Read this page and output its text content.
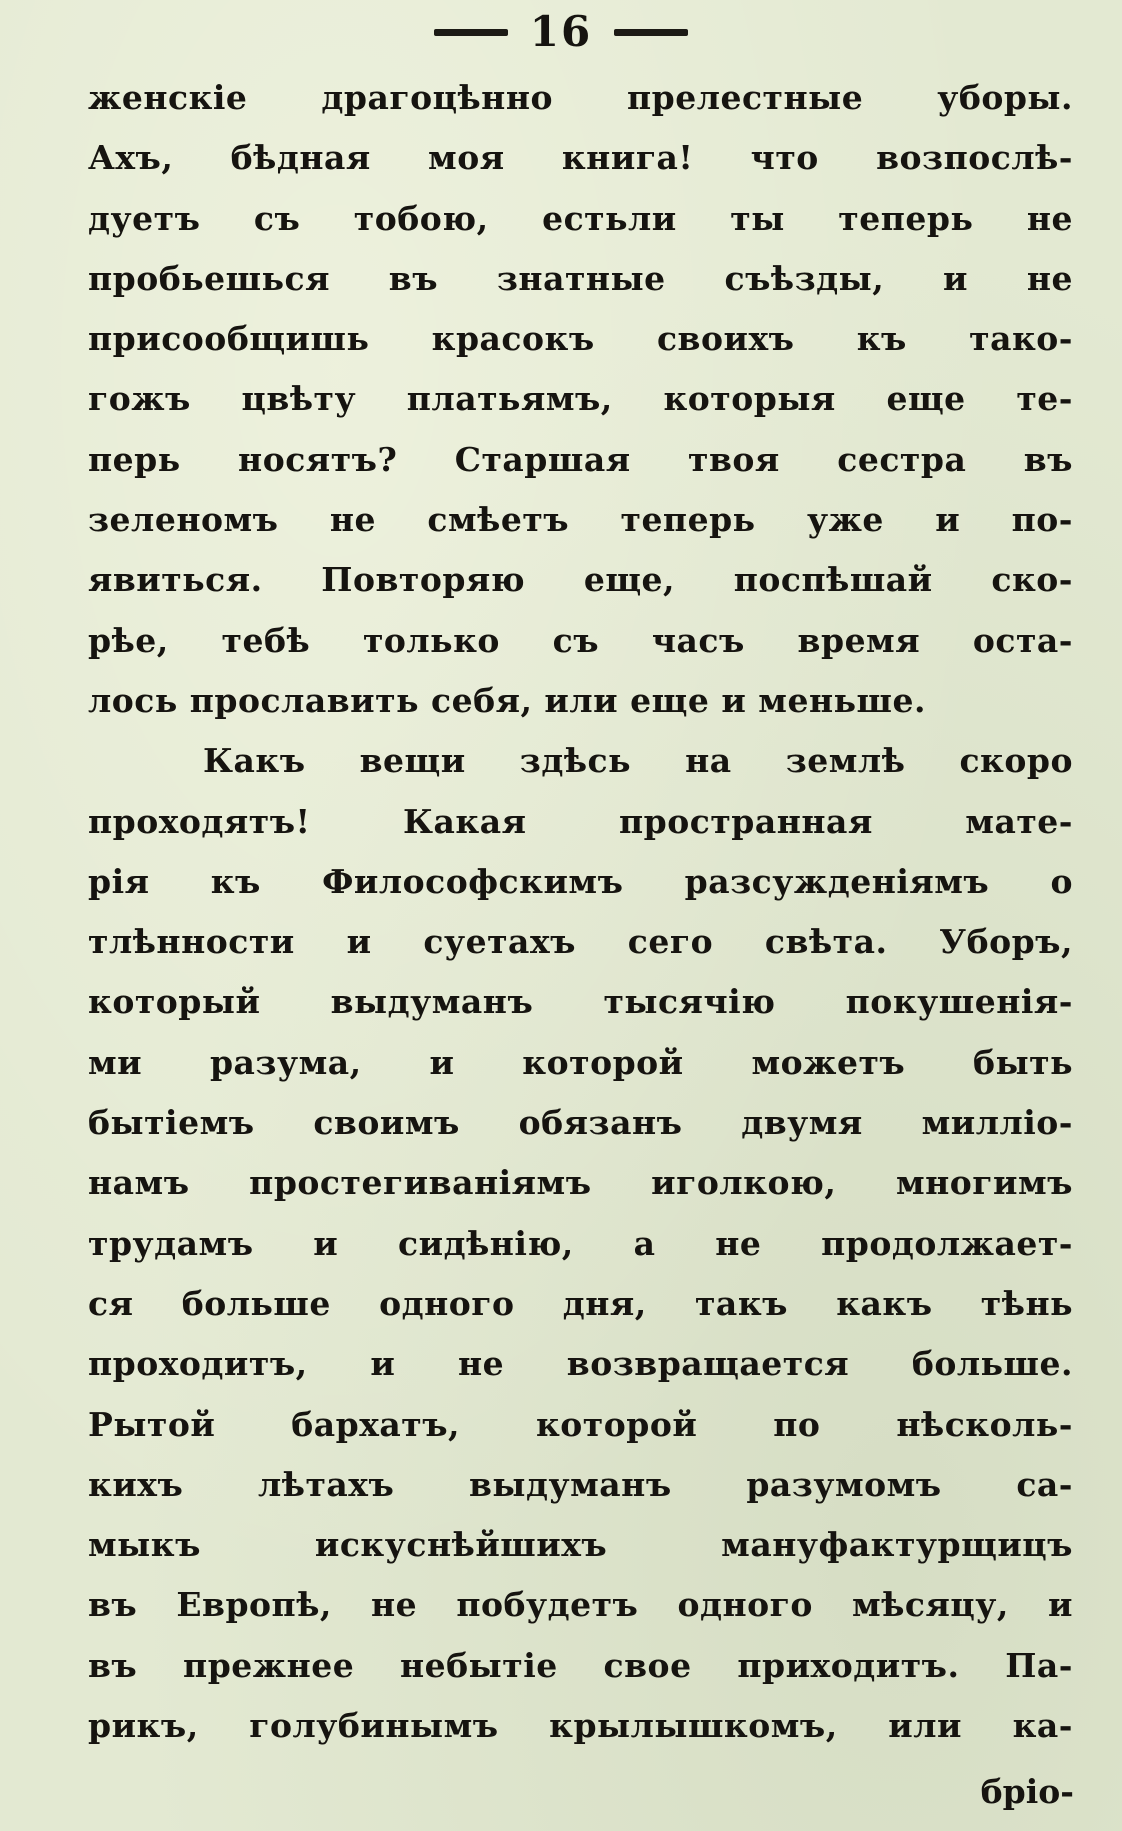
16
женскіе драгоцѣнно прелестные уборы.
Ахъ, бѣдная моя книга! что возпослѣ-
дуетъ съ тобою, естьли ты теперь не
пробьешься въ знатные съѣзды, и не
присообщишь красокъ своихъ къ тако-
гожъ цвѣту платьямъ, которыя еще те-
перь носятъ? Старшая твоя сестра въ
зеленомъ не смѣетъ теперь уже и по-
явиться. Повторяю еще, поспѣшай ско-
рѣе, тебѣ только съ часъ время оста-
лось прославить себя, или еще и меньше.
Какъ вещи здѣсь на землѣ скоро
проходятъ! Какая пространная мате-
рія къ Философскимъ разсужденіямъ о
тлѣнности и суетахъ сего свѣта. Уборъ,
который выдуманъ тысячію покушенія-
ми разума, и которой можетъ быть
бытіемъ своимъ обязанъ двумя милліо-
намъ простегиваніямъ иголкою, многимъ
трудамъ и сидѣнію, а не продолжает-
ся больше одного дня, такъ какъ тѣнь
проходитъ, и не возвращается больше.
Рытой бархатъ, которой по нѣсколь-
кихъ лѣтахъ выдуманъ разумомъ са-
мыкъ искуснѣйшихъ мануфактурщицъ
въ Европѣ, не побудетъ одного мѣсяцу, и
въ прежнее небытіе свое приходитъ. Па-
рикъ, голубинымъ крылышкомъ, или ка-
бріо-
